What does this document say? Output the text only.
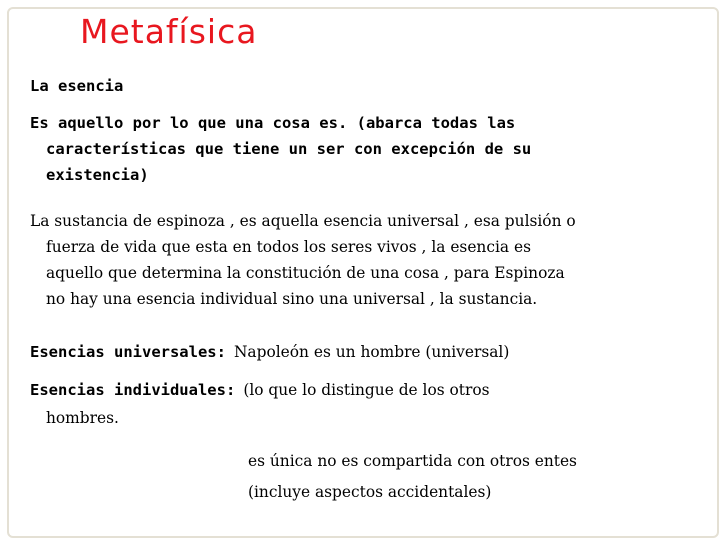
Metafísica
La esencia
Es aquello por lo que una cosa es. (abarca todas las
características que tiene un ser con excepción de su
existencia)
La sustancia de espinoza , es aquella esencia universal , esa pulsión o
fuerza de vida que esta en todos los seres vivos , la esencia es
aquello que determina la constitución de una cosa , para Espinoza
no hay una esencia individual sino una universal , la sustancia.
Esencias universales: Napoleón es un hombre (universal)
Esencias individuales: (lo que lo distingue de los otros
hombres.
es única no es compartida con otros entes
(incluye aspectos accidentales)
